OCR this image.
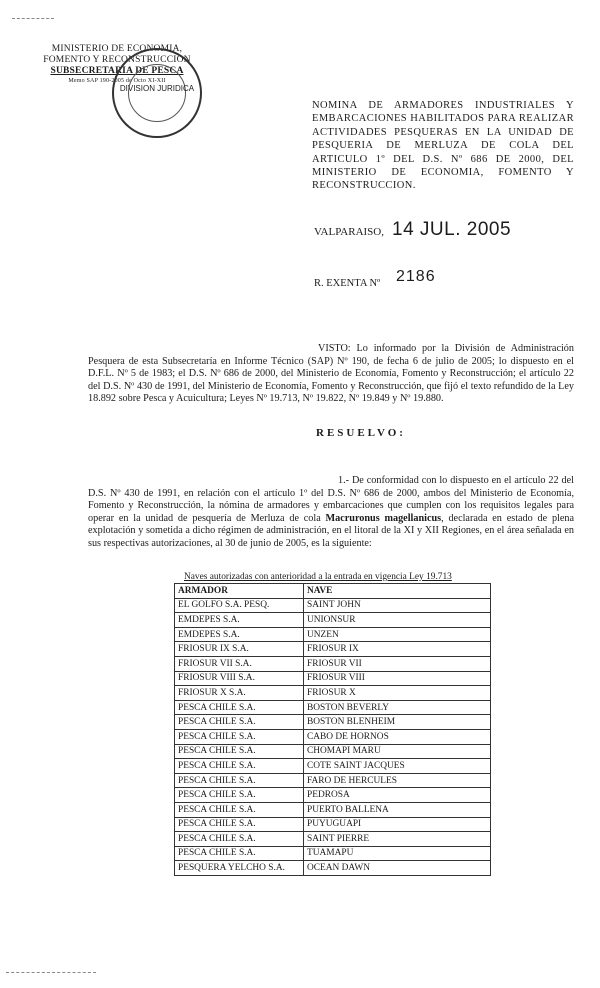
MINISTERIO DE ECONOMIA,
FOMENTO Y RECONSTRUCCION
SUBSECRETARIA DE PESCA
Memo SAP 190-2005 de Octo XI-XII
DIVISION JURIDICA
NOMINA DE ARMADORES INDUSTRIALES Y EMBARCACIONES HABILITADOS PARA REALIZAR ACTIVIDADES PESQUERAS EN LA UNIDAD DE PESQUERIA DE MERLUZA DE COLA DEL ARTICULO 1º DEL D.S. Nº 686 DE 2000, DEL MINISTERIO DE ECONOMIA, FOMENTO Y RECONSTRUCCION.
VALPARAISO, 14 JUL. 2005
R. EXENTA Nº 2186
VISTO: Lo informado por la División de Administración Pesquera de esta Subsecretaría en Informe Técnico (SAP) Nº 190, de fecha 6 de julio de 2005; lo dispuesto en el D.F.L. Nº 5 de 1983; el D.S. Nº 686 de 2000, del Ministerio de Economía, Fomento y Reconstrucción; el artículo 22 del D.S. Nº 430 de 1991, del Ministerio de Economía, Fomento y Reconstrucción, que fijó el texto refundido de la Ley 18.892 sobre Pesca y Acuicultura; Leyes Nº 19.713, Nº 19.822, Nº 19.849 y Nº 19.880.
RESUELVO:
1.- De conformidad con lo dispuesto en el artículo 22 del D.S. Nº 430 de 1991, en relación con el artículo 1º del D.S. Nº 686 de 2000, ambos del Ministerio de Economía, Fomento y Reconstrucción, la nómina de armadores y embarcaciones que cumplen con los requisitos legales para operar en la unidad de pesquería de Merluza de cola Macruronus magellanicus, declarada en estado de plena explotación y sometida a dicho régimen de administración, en el litoral de la XI y XII Regiones, en el área señalada en sus respectivas autorizaciones, al 30 de junio de 2005, es la siguiente:
Naves autorizadas con anterioridad a la entrada en vigencia Ley 19.713
ARMADOR	NAVE
EL GOLFO S.A. PESQ.	SAINT JOHN
EMDEPES S.A.	UNIONSUR
EMDEPES S.A.	UNZEN
FRIOSUR IX S.A.	FRIOSUR IX
FRIOSUR VII S.A.	FRIOSUR VII
FRIOSUR VIII S.A.	FRIOSUR VIII
FRIOSUR X S.A.	FRIOSUR X
PESCA CHILE S.A.	BOSTON BEVERLY
PESCA CHILE S.A.	BOSTON BLENHEIM
PESCA CHILE S.A.	CABO DE HORNOS
PESCA CHILE S.A.	CHOMAPI MARU
PESCA CHILE S.A.	COTE SAINT JACQUES
PESCA CHILE S.A.	FARO DE HERCULES
PESCA CHILE S.A.	PEDROSA
PESCA CHILE S.A.	PUERTO BALLENA
PESCA CHILE S.A.	PUYUGUAPI
PESCA CHILE S.A.	SAINT PIERRE
PESCA CHILE S.A.	TUAMAPU
PESQUERA YELCHO S.A.	OCEAN DAWN
